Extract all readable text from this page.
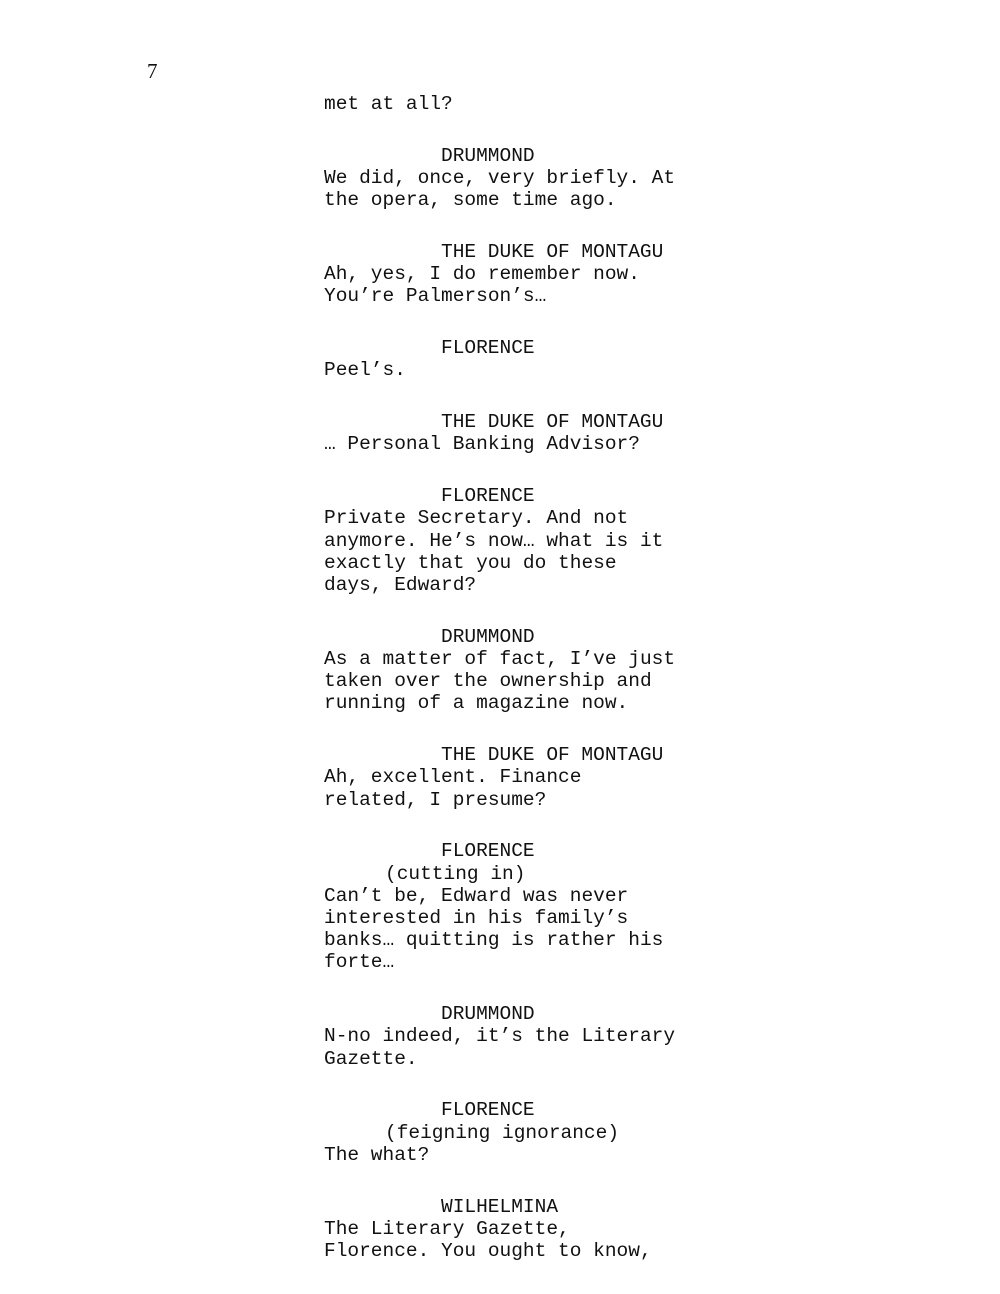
7
met at all?
DRUMMOND
We did, once, very briefly. At
the opera, some time ago.
THE DUKE OF MONTAGU
Ah, yes, I do remember now.
You’re Palmerson’s…
FLORENCE
Peel’s.
THE DUKE OF MONTAGU
… Personal Banking Advisor?
FLORENCE
Private Secretary. And not
anymore. He’s now… what is it
exactly that you do these
days, Edward?
DRUMMOND
As a matter of fact, I’ve just
taken over the ownership and
running of a magazine now.
THE DUKE OF MONTAGU
Ah, excellent. Finance
related, I presume?
FLORENCE
(cutting in)
Can’t be, Edward was never
interested in his family’s
banks… quitting is rather his
forte…
DRUMMOND
N-no indeed, it’s the Literary
Gazette.
FLORENCE
(feigning ignorance)
The what?
WILHELMINA
The Literary Gazette,
Florence. You ought to know,
